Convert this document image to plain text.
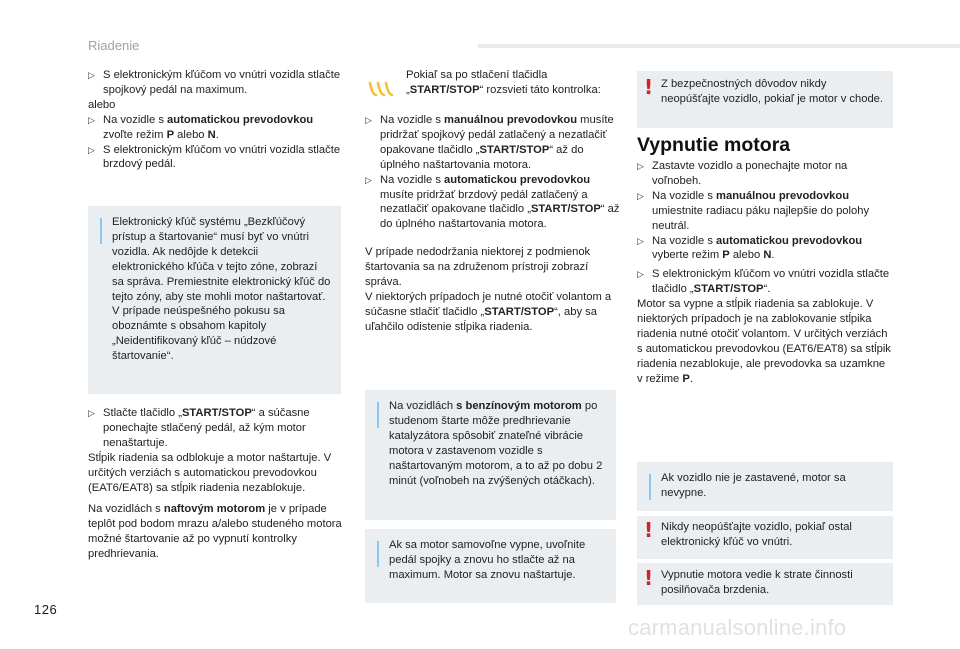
Riadenie
▷ S elektronickým kľúčom vo vnútri vozidla stlačte spojkový pedál na maximum.
alebo
▷ Na vozidle s automatickou prevodovkou zvoľte režim P alebo N.
▷ S elektronickým kľúčom vo vnútri vozidla stlačte brzdový pedál.
Elektronický kľúč systému „Bezkľúčový prístup a štartovanie“ musí byť vo vnútri vozidla. Ak nedôjde k detekcii elektronického kľúča v tejto zóne, zobrazí sa správa. Premiestnite elektronický kľúč do tejto zóny, aby ste mohli motor naštartovať. V prípade neúspešného pokusu sa oboznámte s obsahom kapitoly „Neidentifikovaný kľúč – núdzové štartovanie“.
▷ Stlačte tlačidlo „START/STOP“ a súčasne ponechajte stlačený pedál, až kým motor nenaštartuje.
Stĺpik riadenia sa odblokuje a motor naštartuje. V určitých verziách s automatickou prevodovkou (EAT6/EAT8) sa stĺpik riadenia nezablokuje.
Na vozidlách s naftovým motorom je v prípade teplôt pod bodom mrazu a/alebo studeného motora možné štartovanie až po vypnutí kontrolky predhrievania.
Pokiaľ sa po stlačení tlačidla „START/STOP“ rozsvieti táto kontrolka:
▷ Na vozidle s manuálnou prevodovkou musíte pridržať spojkový pedál zatlačený a nezatlačiť opakovane tlačidlo „START/STOP“ až do úplného naštartovania motora.
▷ Na vozidle s automatickou prevodovkou musíte pridržať brzdový pedál zatlačený a nezatlačiť opakovane tlačidlo „START/STOP“ až do úplného naštartovania motora.
V prípade nedodržania niektorej z podmienok štartovania sa na združenom prístroji zobrazí správa.
V niektorých prípadoch je nutné otočiť volantom a súčasne stlačiť tlačidlo „START/STOP“, aby sa uľahčilo odistenie stĺpika riadenia.
Na vozidlách s benzínovým motorom po studenom štarte môže predhrievanie katalyzátora spôsobiť znateľné vibrácie motora v zastavenom vozidle s naštartovaným motorom, a to až po dobu 2 minút (voľnobeh na zvýšených otáčkach).
Ak sa motor samovoľne vypne, uvoľnite pedál spojky a znovu ho stlačte až na maximum. Motor sa znovu naštartuje.
! Z bezpečnostných dôvodov nikdy neopúšťajte vozidlo, pokiaľ je motor v chode.
Vypnutie motora
▷ Zastavte vozidlo a ponechajte motor na voľnobeh.
▷ Na vozidle s manuálnou prevodovkou umiestnite radiacu páku najlepšie do polohy neutrál.
▷ Na vozidle s automatickou prevodovkou vyberte režim P alebo N.
▷ S elektronickým kľúčom vo vnútri vozidla stlačte tlačidlo „START/STOP“.
Motor sa vypne a stĺpik riadenia sa zablokuje. V niektorých prípadoch je na zablokovanie stĺpika riadenia nutné otočiť volantom. V určitých verziách s automatickou prevodovkou (EAT6/EAT8) sa stĺpik riadenia nezablokuje, ale prevodovka sa uzamkne v režime P.
Ak vozidlo nie je zastavené, motor sa nevypne.
! Nikdy neopúšťajte vozidlo, pokiaľ ostal elektronický kľúč vo vnútri.
! Vypnutie motora vedie k strate činnosti posilňovača brzdenia.
126
carmanualsonline.info
